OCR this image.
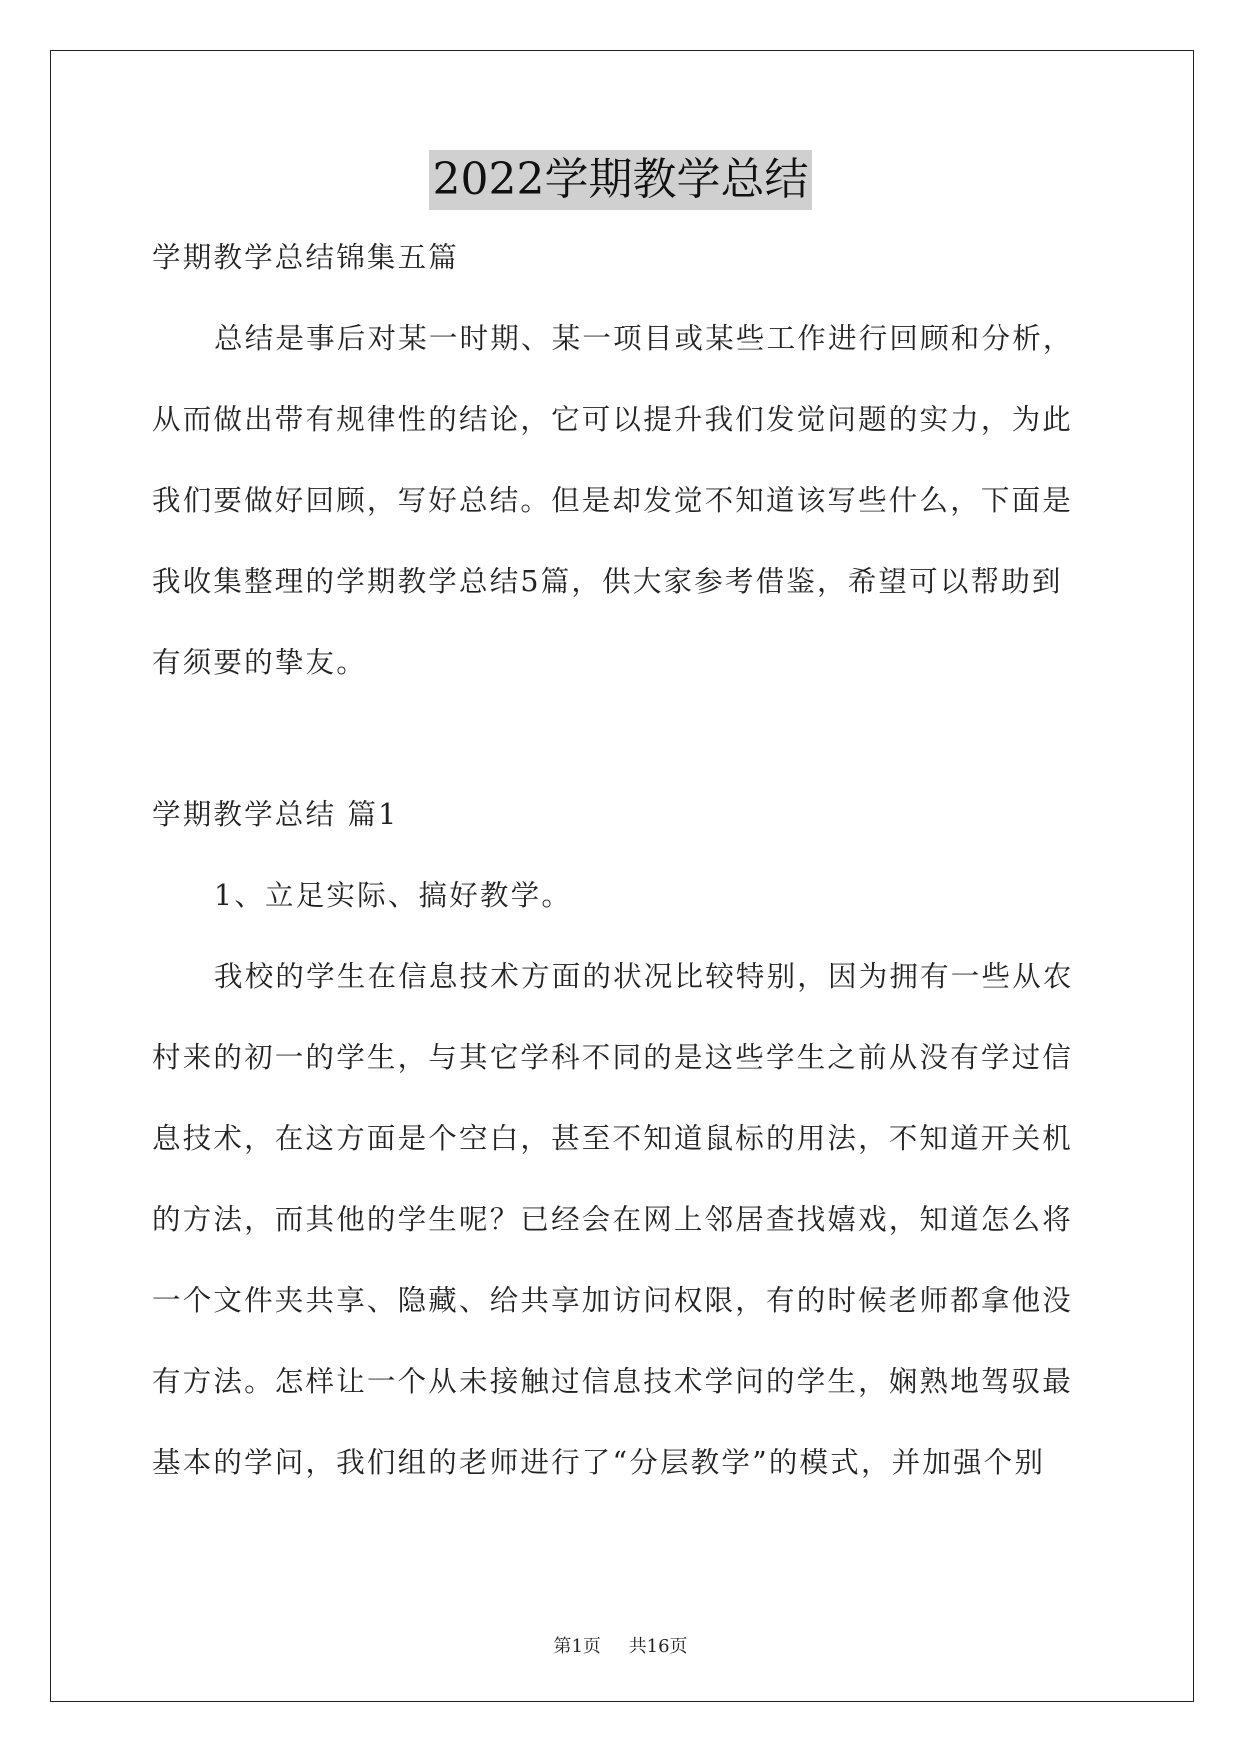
2022学期教学总结
学期教学总结锦集五篇
总结是事后对某一时期、某一项目或某些工作进行回顾和分析，
从而做出带有规律性的结论，它可以提升我们发觉问题的实力，为此
我们要做好回顾，写好总结。但是却发觉不知道该写些什么，下面是
我收集整理的学期教学总结5篇，供大家参考借鉴，希望可以帮助到
有须要的挚友。
学期教学总结 篇1
1、立足实际、搞好教学。
我校的学生在信息技术方面的状况比较特别，因为拥有一些从农
村来的初一的学生，与其它学科不同的是这些学生之前从没有学过信
息技术，在这方面是个空白，甚至不知道鼠标的用法，不知道开关机
的方法，而其他的学生呢？已经会在网上邻居查找嬉戏，知道怎么将
一个文件夹共享、隐藏、给共享加访问权限，有的时候老师都拿他没
有方法。怎样让一个从未接触过信息技术学问的学生，娴熟地驾驭最
基本的学问，我们组的老师进行了“分层教学”的模式，并加强个别
第1页 共16页
